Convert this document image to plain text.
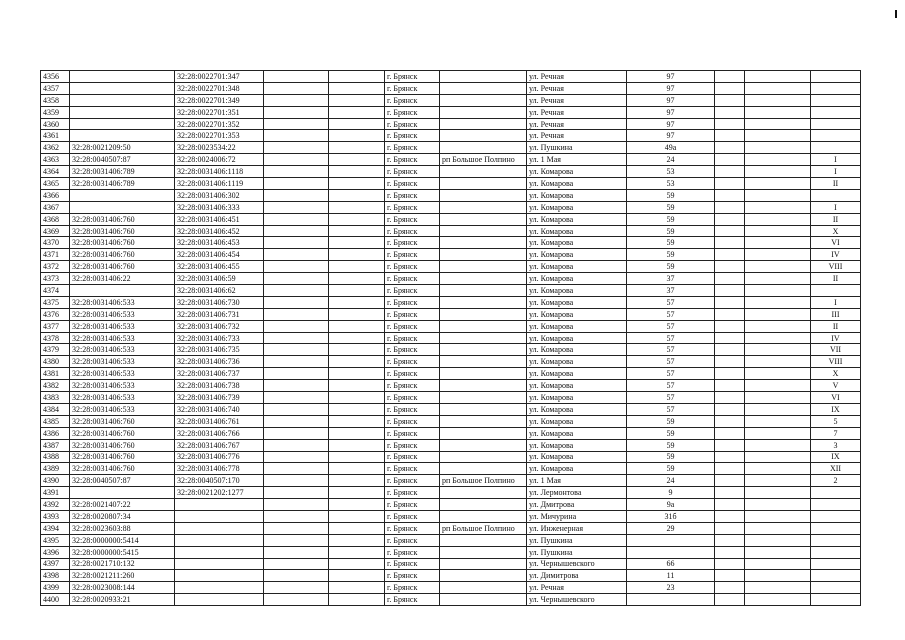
4356		32:28:0022701:347			г. Брянск		ул. Речная	97			
4357		32:28:0022701:348			г. Брянск		ул. Речная	97			
4358		32:28:0022701:349			г. Брянск		ул. Речная	97			
4359		32:28:0022701:351			г. Брянск		ул. Речная	97			
4360		32:28:0022701:352			г. Брянск		ул. Речная	97			
4361		32:28:0022701:353			г. Брянск		ул. Речная	97			
4362	32:28:0021209:50	32:28:0023534:22			г. Брянск		ул. Пушкина	49а			
4363	32:28:0040507:87	32:28:0024006:72			г. Брянск	рп Большое Полпино	ул. 1 Мая	24			I
4364	32:28:0031406:789	32:28:0031406:1118			г. Брянск		ул. Комарова	53			I
4365	32:28:0031406:789	32:28:0031406:1119			г. Брянск		ул. Комарова	53			II
4366		32:28:0031406:302			г. Брянск		ул. Комарова	59			
4367		32:28:0031406:333			г. Брянск		ул. Комарова	59			I
4368	32:28:0031406:760	32:28:0031406:451			г. Брянск		ул. Комарова	59			II
4369	32:28:0031406:760	32:28:0031406:452			г. Брянск		ул. Комарова	59			X
4370	32:28:0031406:760	32:28:0031406:453			г. Брянск		ул. Комарова	59			VI
4371	32:28:0031406:760	32:28:0031406:454			г. Брянск		ул. Комарова	59			IV
4372	32:28:0031406:760	32:28:0031406:455			г. Брянск		ул. Комарова	59			VIII
4373	32:28:0031406:22	32:28:0031406:59			г. Брянск		ул. Комарова	37			II
4374		32:28:0031406:62			г. Брянск		ул. Комарова	37			
4375	32:28:0031406:533	32:28:0031406:730			г. Брянск		ул. Комарова	57			I
4376	32:28:0031406:533	32:28:0031406:731			г. Брянск		ул. Комарова	57			III
4377	32:28:0031406:533	32:28:0031406:732			г. Брянск		ул. Комарова	57			II
4378	32:28:0031406:533	32:28:0031406:733			г. Брянск		ул. Комарова	57			IV
4379	32:28:0031406:533	32:28:0031406:735			г. Брянск		ул. Комарова	57			VII
4380	32:28:0031406:533	32:28:0031406:736			г. Брянск		ул. Комарова	57			VIII
4381	32:28:0031406:533	32:28:0031406:737			г. Брянск		ул. Комарова	57			X
4382	32:28:0031406:533	32:28:0031406:738			г. Брянск		ул. Комарова	57			V
4383	32:28:0031406:533	32:28:0031406:739			г. Брянск		ул. Комарова	57			VI
4384	32:28:0031406:533	32:28:0031406:740			г. Брянск		ул. Комарова	57			IX
4385	32:28:0031406:760	32:28:0031406:761			г. Брянск		ул. Комарова	59			5
4386	32:28:0031406:760	32:28:0031406:766			г. Брянск		ул. Комарова	59			7
4387	32:28:0031406:760	32:28:0031406:767			г. Брянск		ул. Комарова	59			3
4388	32:28:0031406:760	32:28:0031406:776			г. Брянск		ул. Комарова	59			IX
4389	32:28:0031406:760	32:28:0031406:778			г. Брянск		ул. Комарова	59			XII
4390	32:28:0040507:87	32:28:0040507:170			г. Брянск	рп Большое Полпино	ул. 1 Мая	24			2
4391		32:28:0021202:1277			г. Брянск		ул. Лермонтова	9			
4392	32:28:0021407:22				г. Брянск		ул. Дмитрова	9а			
4393	32:28:0020807:34				г. Брянск		ул. Мичурина	31б			
4394	32:28:0023603:88				г. Брянск	рп Большое Полпино	ул. Инженерная	29			
4395	32:28:0000000:5414				г. Брянск		ул. Пушкина				
4396	32:28:0000000:5415				г. Брянск		ул. Пушкина				
4397	32:28:0021710:132				г. Брянск		ул. Чернышевского	66			
4398	32:28:0021211:260				г. Брянск		ул. Димитрова	11			
4399	32:28:0023008:144				г. Брянск		ул. Речная	23			
4400	32:28:0020933:21				г. Брянск		ул. Чернышевского				
